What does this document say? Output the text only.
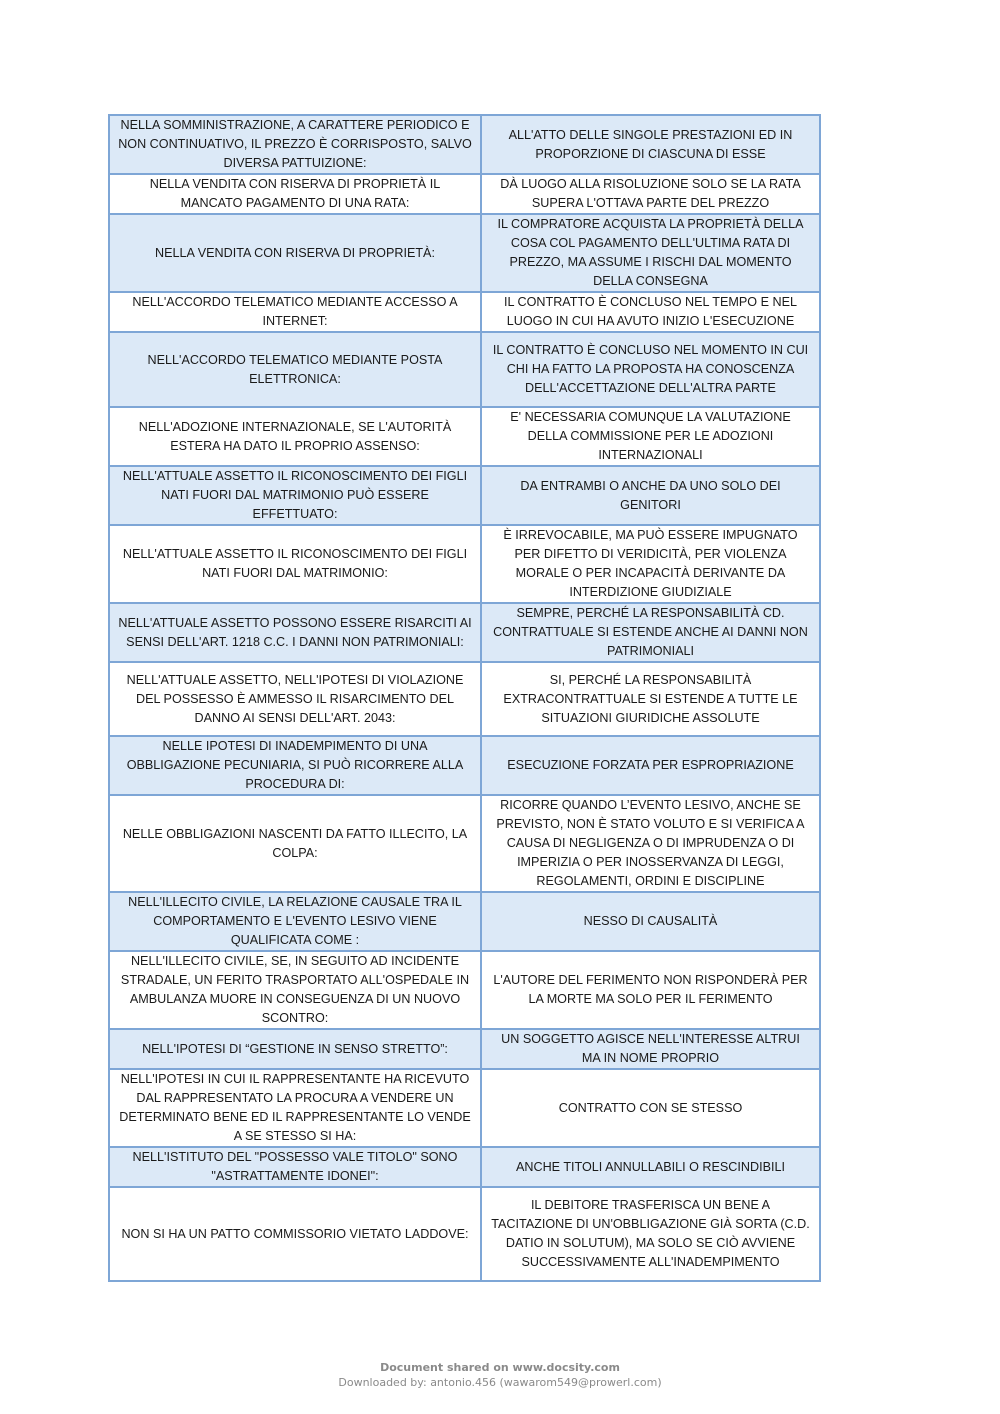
NELLA SOMMINISTRAZIONE, A CARATTERE PERIODICO E NON CONTINUATIVO, IL PREZZO È CORRISPOSTO, SALVO DIVERSA PATTUIZIONE:	ALL'ATTO DELLE SINGOLE PRESTAZIONI ED IN PROPORZIONE DI CIASCUNA DI ESSE
NELLA VENDITA CON RISERVA DI PROPRIETÀ IL MANCATO PAGAMENTO DI UNA RATA:	DÀ LUOGO ALLA RISOLUZIONE SOLO SE LA RATA SUPERA L'OTTAVA PARTE DEL PREZZO
NELLA VENDITA CON RISERVA DI PROPRIETÀ:	IL COMPRATORE ACQUISTA LA PROPRIETÀ DELLA COSA COL PAGAMENTO DELL'ULTIMA RATA DI PREZZO, MA ASSUME I RISCHI DAL MOMENTO DELLA CONSEGNA
NELL'ACCORDO TELEMATICO MEDIANTE ACCESSO A INTERNET:	IL CONTRATTO È CONCLUSO NEL TEMPO E NEL LUOGO IN CUI HA AVUTO INIZIO L'ESECUZIONE
NELL'ACCORDO TELEMATICO MEDIANTE POSTA ELETTRONICA:	IL CONTRATTO È CONCLUSO NEL MOMENTO IN CUI CHI HA FATTO LA PROPOSTA HA CONOSCENZA DELL'ACCETTAZIONE DELL'ALTRA PARTE
NELL'ADOZIONE INTERNAZIONALE, SE L'AUTORITÀ ESTERA HA DATO IL PROPRIO ASSENSO:	E' NECESSARIA COMUNQUE LA VALUTAZIONE DELLA COMMISSIONE PER LE ADOZIONI INTERNAZIONALI
NELL'ATTUALE ASSETTO IL RICONOSCIMENTO DEI FIGLI NATI FUORI DAL MATRIMONIO PUÒ ESSERE EFFETTUATO:	DA ENTRAMBI O ANCHE DA UNO SOLO DEI GENITORI
NELL'ATTUALE ASSETTO IL RICONOSCIMENTO DEI FIGLI NATI FUORI DAL MATRIMONIO:	È IRREVOCABILE, MA PUÒ ESSERE IMPUGNATO PER DIFETTO DI VERIDICITÀ, PER VIOLENZA MORALE O PER INCAPACITÀ DERIVANTE DA INTERDIZIONE GIUDIZIALE
NELL'ATTUALE ASSETTO POSSONO ESSERE RISARCITI AI SENSI DELL'ART. 1218 C.C. I DANNI NON PATRIMONIALI:	SEMPRE, PERCHÉ LA RESPONSABILITÀ CD. CONTRATTUALE SI ESTENDE ANCHE AI DANNI NON PATRIMONIALI
NELL'ATTUALE ASSETTO, NELL'IPOTESI DI VIOLAZIONE DEL POSSESSO È AMMESSO IL RISARCIMENTO DEL DANNO AI SENSI DELL'ART. 2043:	SI, PERCHÉ LA RESPONSABILITÀ EXTRACONTRATTUALE SI ESTENDE A TUTTE LE SITUAZIONI GIURIDICHE ASSOLUTE
NELLE IPOTESI DI INADEMPIMENTO DI UNA OBBLIGAZIONE PECUNIARIA, SI PUÒ RICORRERE ALLA PROCEDURA DI:	ESECUZIONE FORZATA PER ESPROPRIAZIONE
NELLE OBBLIGAZIONI NASCENTI DA FATTO ILLECITO, LA COLPA:	RICORRE QUANDO L’EVENTO LESIVO, ANCHE SE PREVISTO, NON È STATO VOLUTO E SI VERIFICA A CAUSA DI NEGLIGENZA O DI IMPRUDENZA O DI IMPERIZIA O PER INOSSERVANZA DI LEGGI, REGOLAMENTI, ORDINI E DISCIPLINE
NELL'ILLECITO CIVILE, LA RELAZIONE CAUSALE TRA IL COMPORTAMENTO E L'EVENTO LESIVO VIENE QUALIFICATA COME :	NESSO DI CAUSALITÀ
NELL'ILLECITO CIVILE, SE, IN SEGUITO AD INCIDENTE STRADALE, UN FERITO TRASPORTATO ALL'OSPEDALE IN AMBULANZA MUORE IN CONSEGUENZA DI UN NUOVO SCONTRO:	L'AUTORE DEL FERIMENTO NON RISPONDERÀ PER LA MORTE MA SOLO PER IL FERIMENTO
NELL'IPOTESI DI “GESTIONE IN SENSO STRETTO”:	UN SOGGETTO AGISCE NELL'INTERESSE ALTRUI MA IN NOME PROPRIO
NELL'IPOTESI IN CUI IL RAPPRESENTANTE HA RICEVUTO DAL RAPPRESENTATO LA PROCURA A VENDERE UN DETERMINATO BENE ED IL RAPPRESENTANTE LO VENDE A SE STESSO SI HA:	CONTRATTO CON SE STESSO
NELL'ISTITUTO DEL "POSSESSO VALE TITOLO" SONO "ASTRATTAMENTE IDONEI":	ANCHE TITOLI ANNULLABILI O RESCINDIBILI
NON SI HA UN PATTO COMMISSORIO VIETATO LADDOVE:	IL DEBITORE TRASFERISCA UN BENE A TACITAZIONE DI UN'OBBLIGAZIONE GIÀ SORTA (C.D. DATIO IN SOLUTUM), MA SOLO SE CIÒ AVVIENE SUCCESSIVAMENTE ALL'INADEMPIMENTO
Document shared on www.docsity.com
Downloaded by: antonio.456 (wawarom549@prowerl.com)
